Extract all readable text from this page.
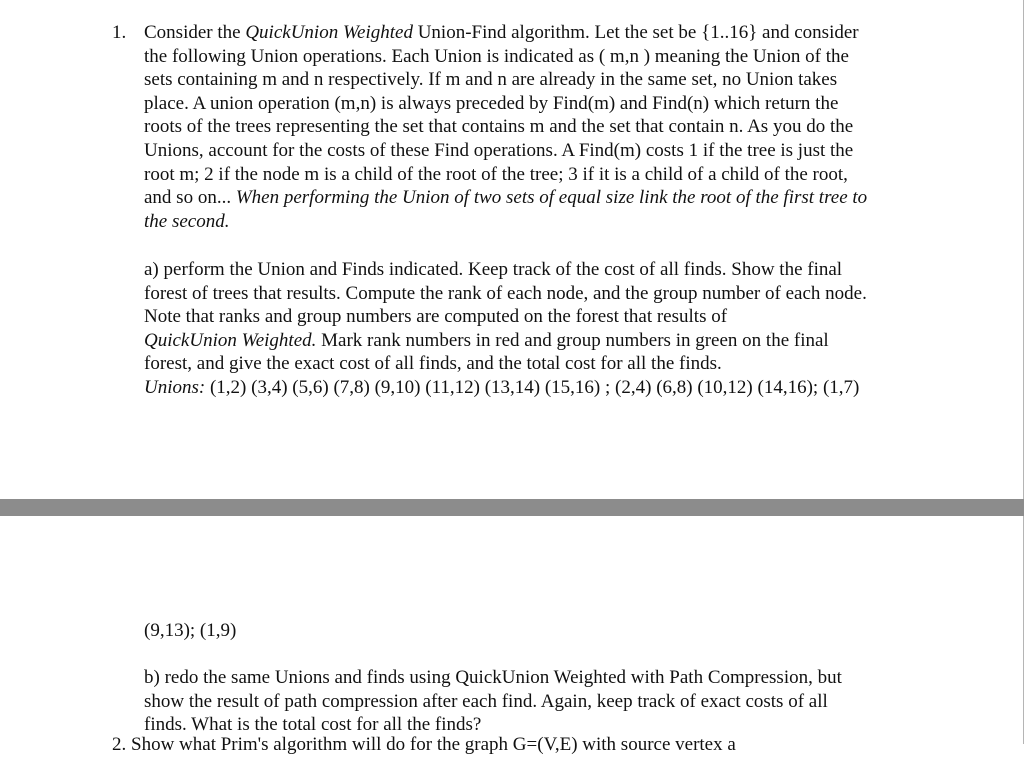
1. Consider the QuickUnion Weighted Union-Find algorithm. Let the set be {1..16} and consider
the following Union operations. Each Union is indicated as ( m,n ) meaning the Union of the
sets containing m and n respectively. If m and n are already in the same set, no Union takes
place. A union operation (m,n) is always preceded by Find(m) and Find(n) which return the
roots of the trees representing the set that contains m and the set that contain n. As you do the
Unions, account for the costs of these Find operations. A Find(m) costs 1 if the tree is just the
root m; 2 if the node m is a child of the root of the tree; 3 if it is a child of a child of the root,
and so on... When performing the Union of two sets of equal size link the root of the first tree to
the second.
a) perform the Union and Finds indicated. Keep track of the cost of all finds. Show the final
forest of trees that results. Compute the rank of each node, and the group number of each node.
Note that ranks and group numbers are computed on the forest that results of
QuickUnion Weighted. Mark rank numbers in red and group numbers in green on the final
forest, and give the exact cost of all finds, and the total cost for all the finds.
Unions: (1,2) (3,4) (5,6) (7,8) (9,10) (11,12) (13,14) (15,16) ; (2,4) (6,8) (10,12) (14,16); (1,7)
(9,13); (1,9)
b) redo the same Unions and finds using QuickUnion Weighted with Path Compression, but
show the result of path compression after each find. Again, keep track of exact costs of all
finds. What is the total cost for all the finds?
2. Show what Prim's algorithm will do for the graph G=(V,E) with source vertex a
